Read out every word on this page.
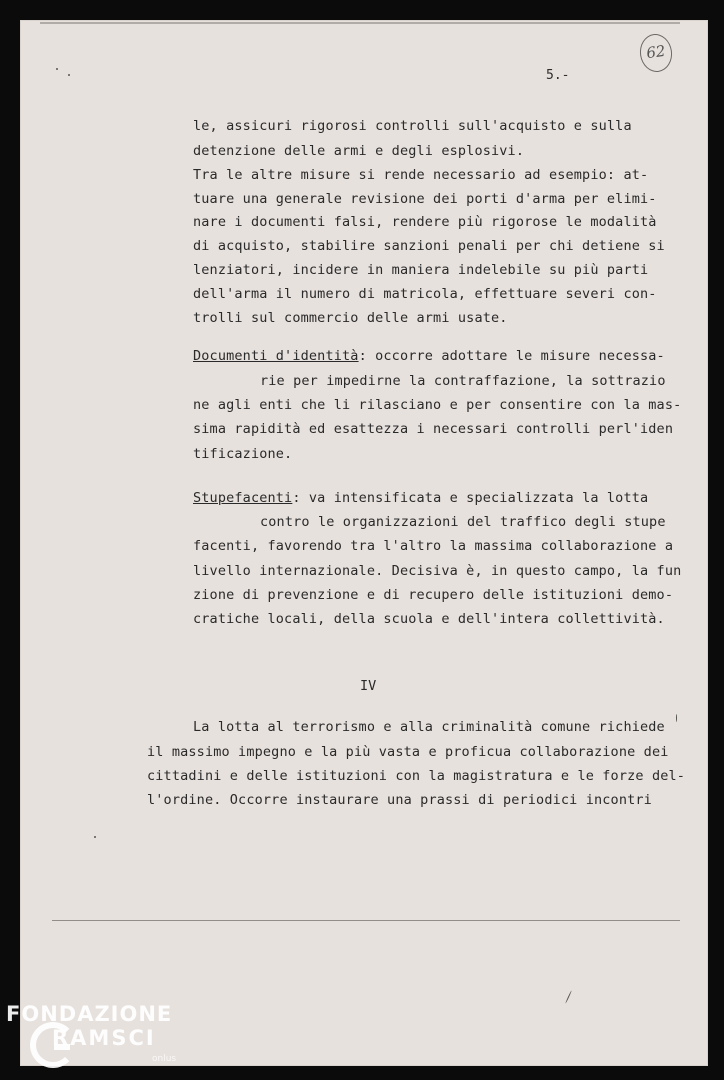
62
5.-
le, assicuri rigorosi controlli sull'acquisto e sulla
detenzione delle armi e degli esplosivi.
Tra le altre misure si rende necessario ad esempio: at-
tuare una generale revisione dei porti d'arma per elimi-
nare i documenti falsi, rendere più rigorose le modalità
di acquisto, stabilire sanzioni penali per chi detiene si
lenziatori, incidere in maniera indelebile su più parti
dell'arma il numero di matricola, effettuare severi con-
trolli sul commercio delle armi usate.
Documenti d'identità: occorre adottare le misure necessa-
rie per impedirne la contraffazione, la sottrazio
ne agli enti che li rilasciano e per consentire con la mas-
sima rapidità ed esattezza i necessari controlli perl'iden
tificazione.
Stupefacenti: va intensificata e specializzata la lotta
contro le organizzazioni del traffico degli stupe
facenti, favorendo tra l'altro la massima collaborazione a
livello internazionale. Decisiva è, in questo campo, la fun
zione di prevenzione e di recupero delle istituzioni demo-
cratiche locali, della scuola e dell'intera collettività.
IV
La lotta al terrorismo e alla criminalità comune richiede
il massimo impegno e la più vasta e proficua collaborazione dei
cittadini e delle istituzioni con la magistratura e le forze del-
l'ordine. Occorre instaurare una prassi di periodici incontri
FONDAZIONE
RAMSCI
onlus
